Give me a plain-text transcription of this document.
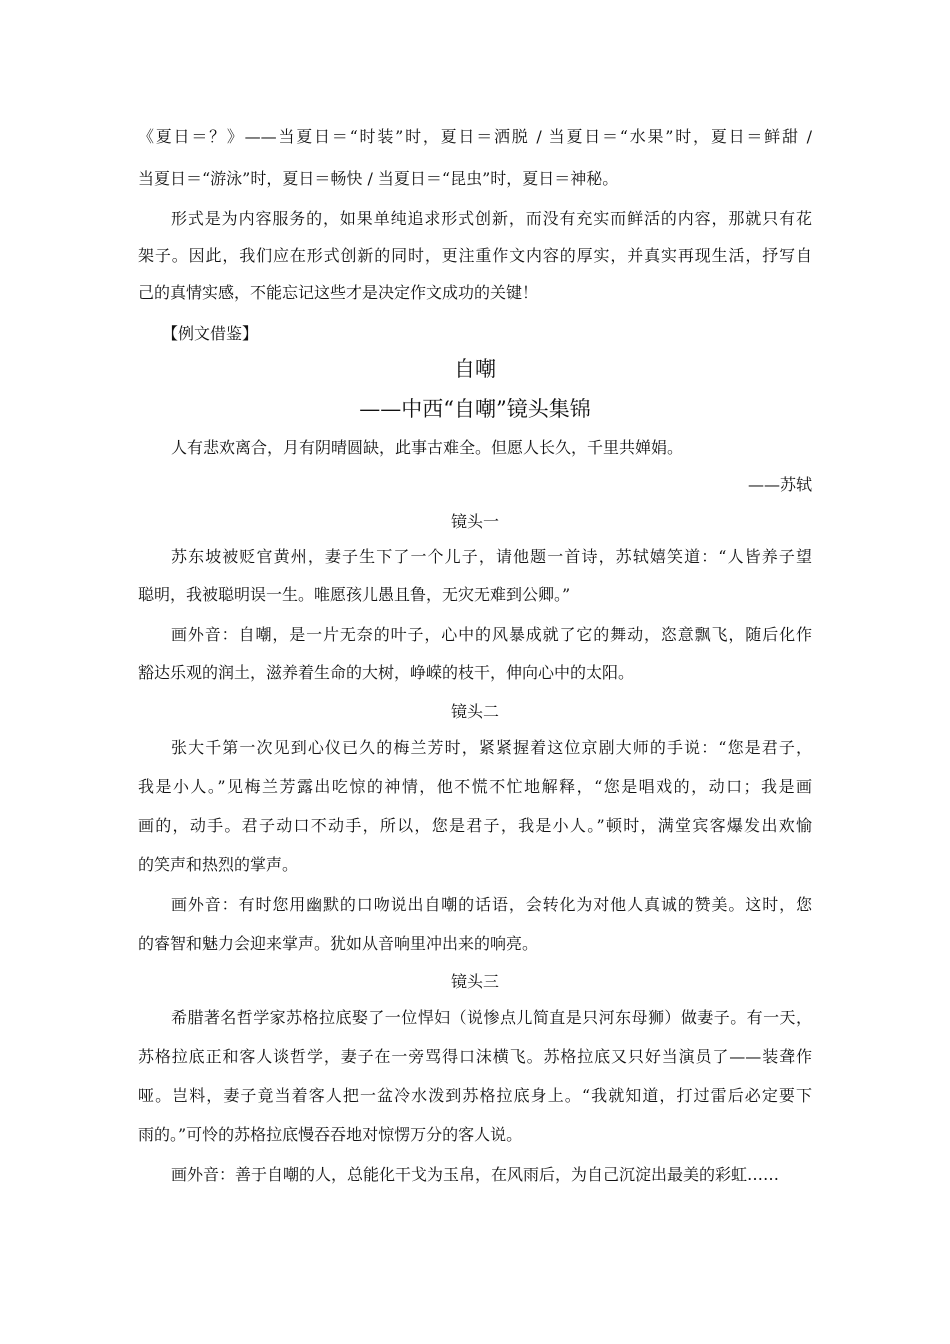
《夏日＝？》——当夏日＝“时装”时，夏日＝洒脱 / 当夏日＝“水果”时，夏日＝鲜甜 /
当夏日＝“游泳”时，夏日＝畅快 / 当夏日＝“昆虫”时，夏日＝神秘。
形式是为内容服务的，如果单纯追求形式创新，而没有充实而鲜活的内容，那就只有花
架子。因此，我们应在形式创新的同时，更注重作文内容的厚实，并真实再现生活，抒写自
己的真情实感，不能忘记这些才是决定作文成功的关键！
【例文借鉴】
自嘲
——中西“自嘲”镜头集锦
人有悲欢离合，月有阴晴圆缺，此事古难全。但愿人长久，千里共婵娟。
——苏轼
镜头一
苏东坡被贬官黄州，妻子生下了一个儿子，请他题一首诗，苏轼嬉笑道：“人皆养子望
聪明，我被聪明误一生。唯愿孩儿愚且鲁，无灾无难到公卿。”
画外音：自嘲，是一片无奈的叶子，心中的风暴成就了它的舞动，恣意飘飞，随后化作
豁达乐观的润土，滋养着生命的大树，峥嵘的枝干，伸向心中的太阳。
镜头二
张大千第一次见到心仪已久的梅兰芳时，紧紧握着这位京剧大师的手说：“您是君子，
我是小人。”见梅兰芳露出吃惊的神情，他不慌不忙地解释，“您是唱戏的，动口；我是画
画的，动手。君子动口不动手，所以，您是君子，我是小人。”顿时，满堂宾客爆发出欢愉
的笑声和热烈的掌声。
画外音：有时您用幽默的口吻说出自嘲的话语，会转化为对他人真诚的赞美。这时，您
的睿智和魅力会迎来掌声。犹如从音响里冲出来的响亮。
镜头三
希腊著名哲学家苏格拉底娶了一位悍妇（说惨点儿简直是只河东母狮）做妻子。有一天，
苏格拉底正和客人谈哲学，妻子在一旁骂得口沫横飞。苏格拉底又只好当演员了——装聋作
哑。岂料，妻子竟当着客人把一盆冷水泼到苏格拉底身上。“我就知道，打过雷后必定要下
雨的。”可怜的苏格拉底慢吞吞地对惊愣万分的客人说。
画外音：善于自嘲的人，总能化干戈为玉帛，在风雨后，为自己沉淀出最美的彩虹……
